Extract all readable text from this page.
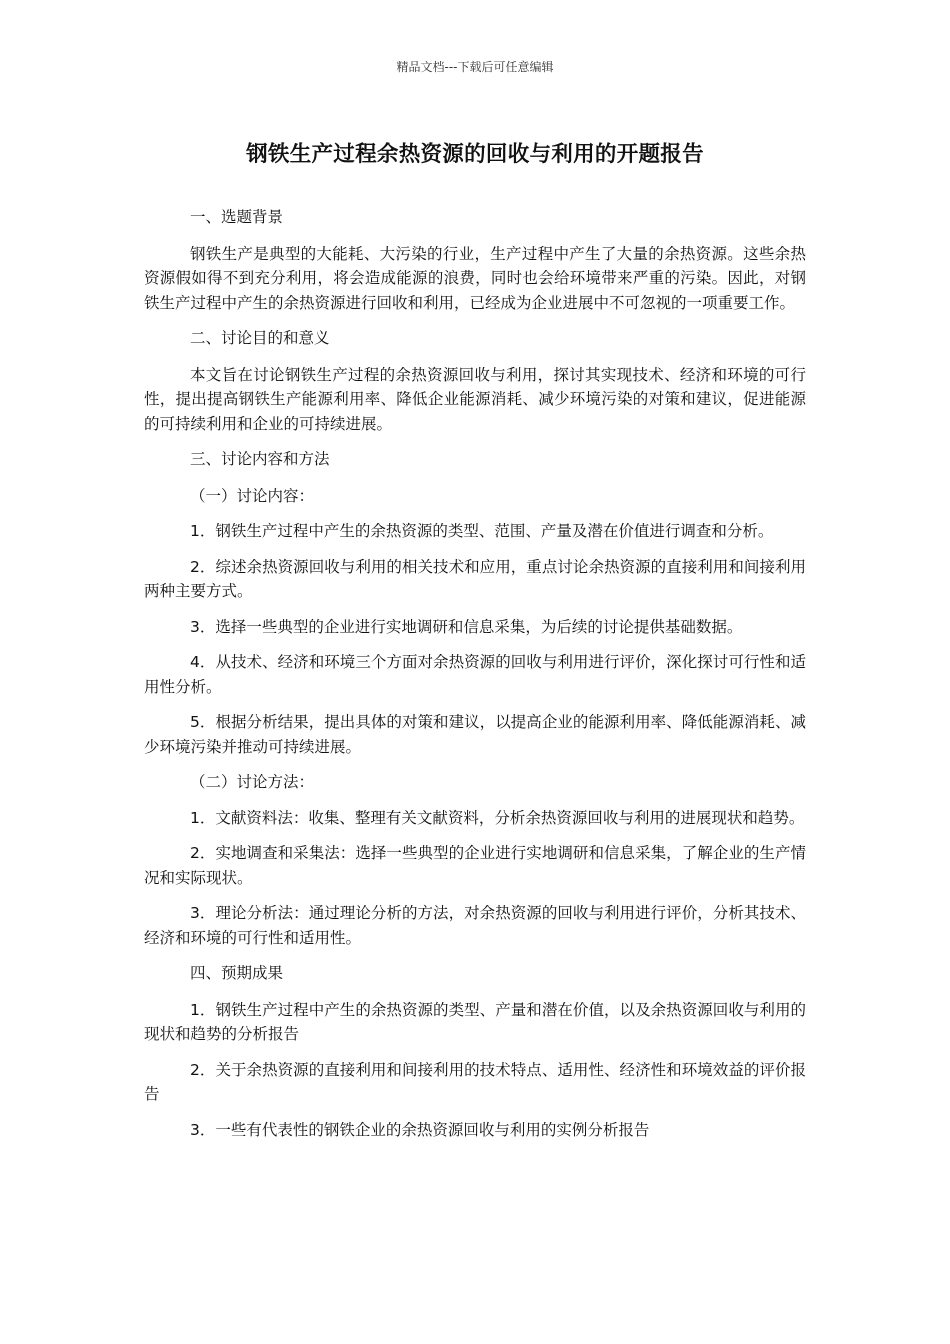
精品文档---下载后可任意编辑
钢铁生产过程余热资源的回收与利用的开题报告

一、选题背景

钢铁生产是典型的大能耗、大污染的行业，生产过程中产生了大量的余热资源。这些余热资源假如得不到充分利用，将会造成能源的浪费，同时也会给环境带来严重的污染。因此，对钢铁生产过程中产生的余热资源进行回收和利用，已经成为企业进展中不可忽视的一项重要工作。

二、讨论目的和意义

本文旨在讨论钢铁生产过程的余热资源回收与利用，探讨其实现技术、经济和环境的可行性，提出提高钢铁生产能源利用率、降低企业能源消耗、减少环境污染的对策和建议，促进能源的可持续利用和企业的可持续进展。

三、讨论内容和方法

（一）讨论内容：

1．钢铁生产过程中产生的余热资源的类型、范围、产量及潜在价值进行调查和分析。

2．综述余热资源回收与利用的相关技术和应用，重点讨论余热资源的直接利用和间接利用两种主要方式。

3．选择一些典型的企业进行实地调研和信息采集，为后续的讨论提供基础数据。

4．从技术、经济和环境三个方面对余热资源的回收与利用进行评价，深化探讨可行性和适用性分析。

5．根据分析结果，提出具体的对策和建议，以提高企业的能源利用率、降低能源消耗、减少环境污染并推动可持续进展。

（二）讨论方法：

1．文献资料法：收集、整理有关文献资料，分析余热资源回收与利用的进展现状和趋势。

2．实地调查和采集法：选择一些典型的企业进行实地调研和信息采集，了解企业的生产情况和实际现状。

3．理论分析法：通过理论分析的方法，对余热资源的回收与利用进行评价，分析其技术、经济和环境的可行性和适用性。

四、预期成果

1．钢铁生产过程中产生的余热资源的类型、产量和潜在价值，以及余热资源回收与利用的现状和趋势的分析报告

2．关于余热资源的直接利用和间接利用的技术特点、适用性、经济性和环境效益的评价报告

3．一些有代表性的钢铁企业的余热资源回收与利用的实例分析报告
